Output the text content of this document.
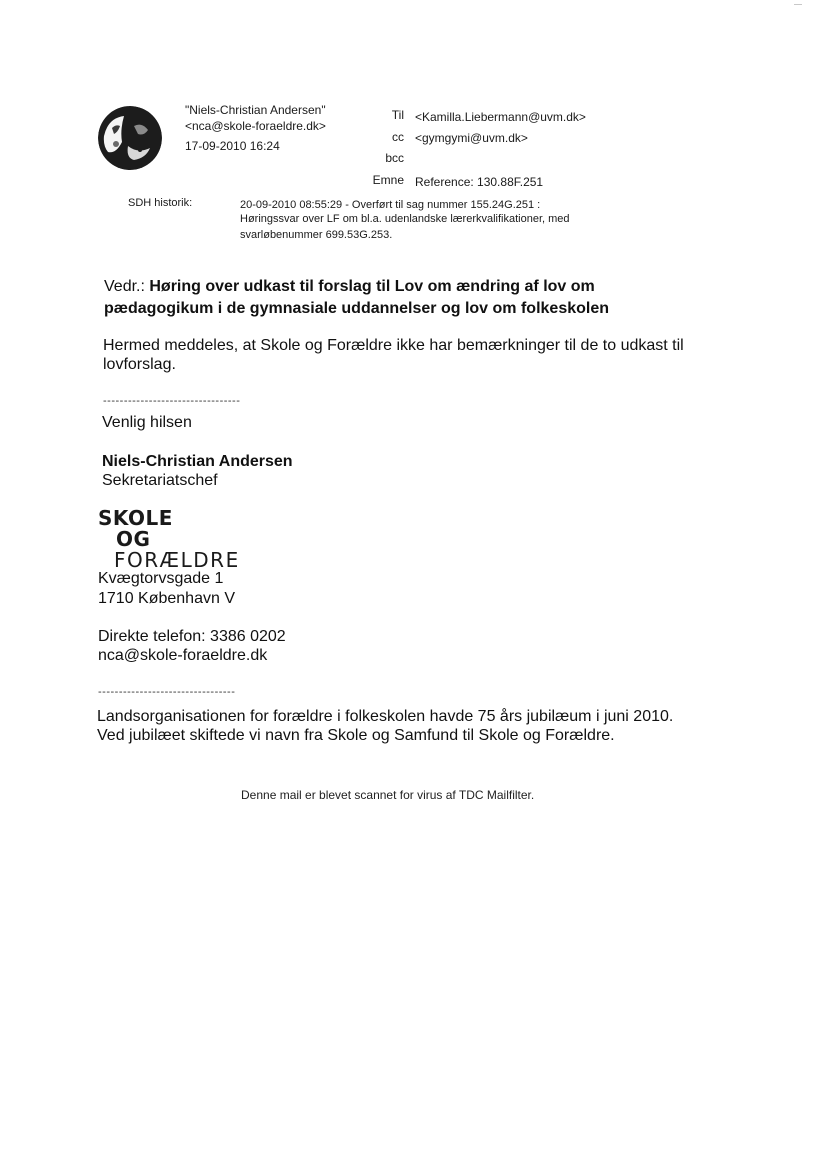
"Niels-Christian Andersen"
<nca@skole-foraeldre.dk>
17-09-2010 16:24
Til <Kamilla.Liebermann@uvm.dk>
cc <gymgymi@uvm.dk>
bcc
Emne Reference: 130.88F.251
SDH historik:	20-09-2010 08:55:29 - Overført til sag nummer 155.24G.251 :
Høringssvar over LF om bl.a. udenlandske lærerkvalifikationer, med
svarløbenummer 699.53G.253.
Vedr.: Høring over udkast til forslag til Lov om ændring af lov om
pædagogikum i de gymnasiale uddannelser og lov om folkeskolen
Hermed meddeles, at Skole og Forældre ikke har bemærkninger til de to udkast til
lovforslag.
---------------------------------
Venlig hilsen
Niels-Christian Andersen
Sekretariatschef
SKOLE
OG
FORÆLDRE
Kvægtorvsgade 1
1710 København V
Direkte telefon: 3386 0202
nca@skole-foraeldre.dk
---------------------------------
Landsorganisationen for forældre i folkeskolen havde 75 års jubilæum i juni 2010.
Ved jubilæet skiftede vi navn fra Skole og Samfund til Skole og Forældre.
Denne mail er blevet scannet for virus af TDC Mailfilter.
